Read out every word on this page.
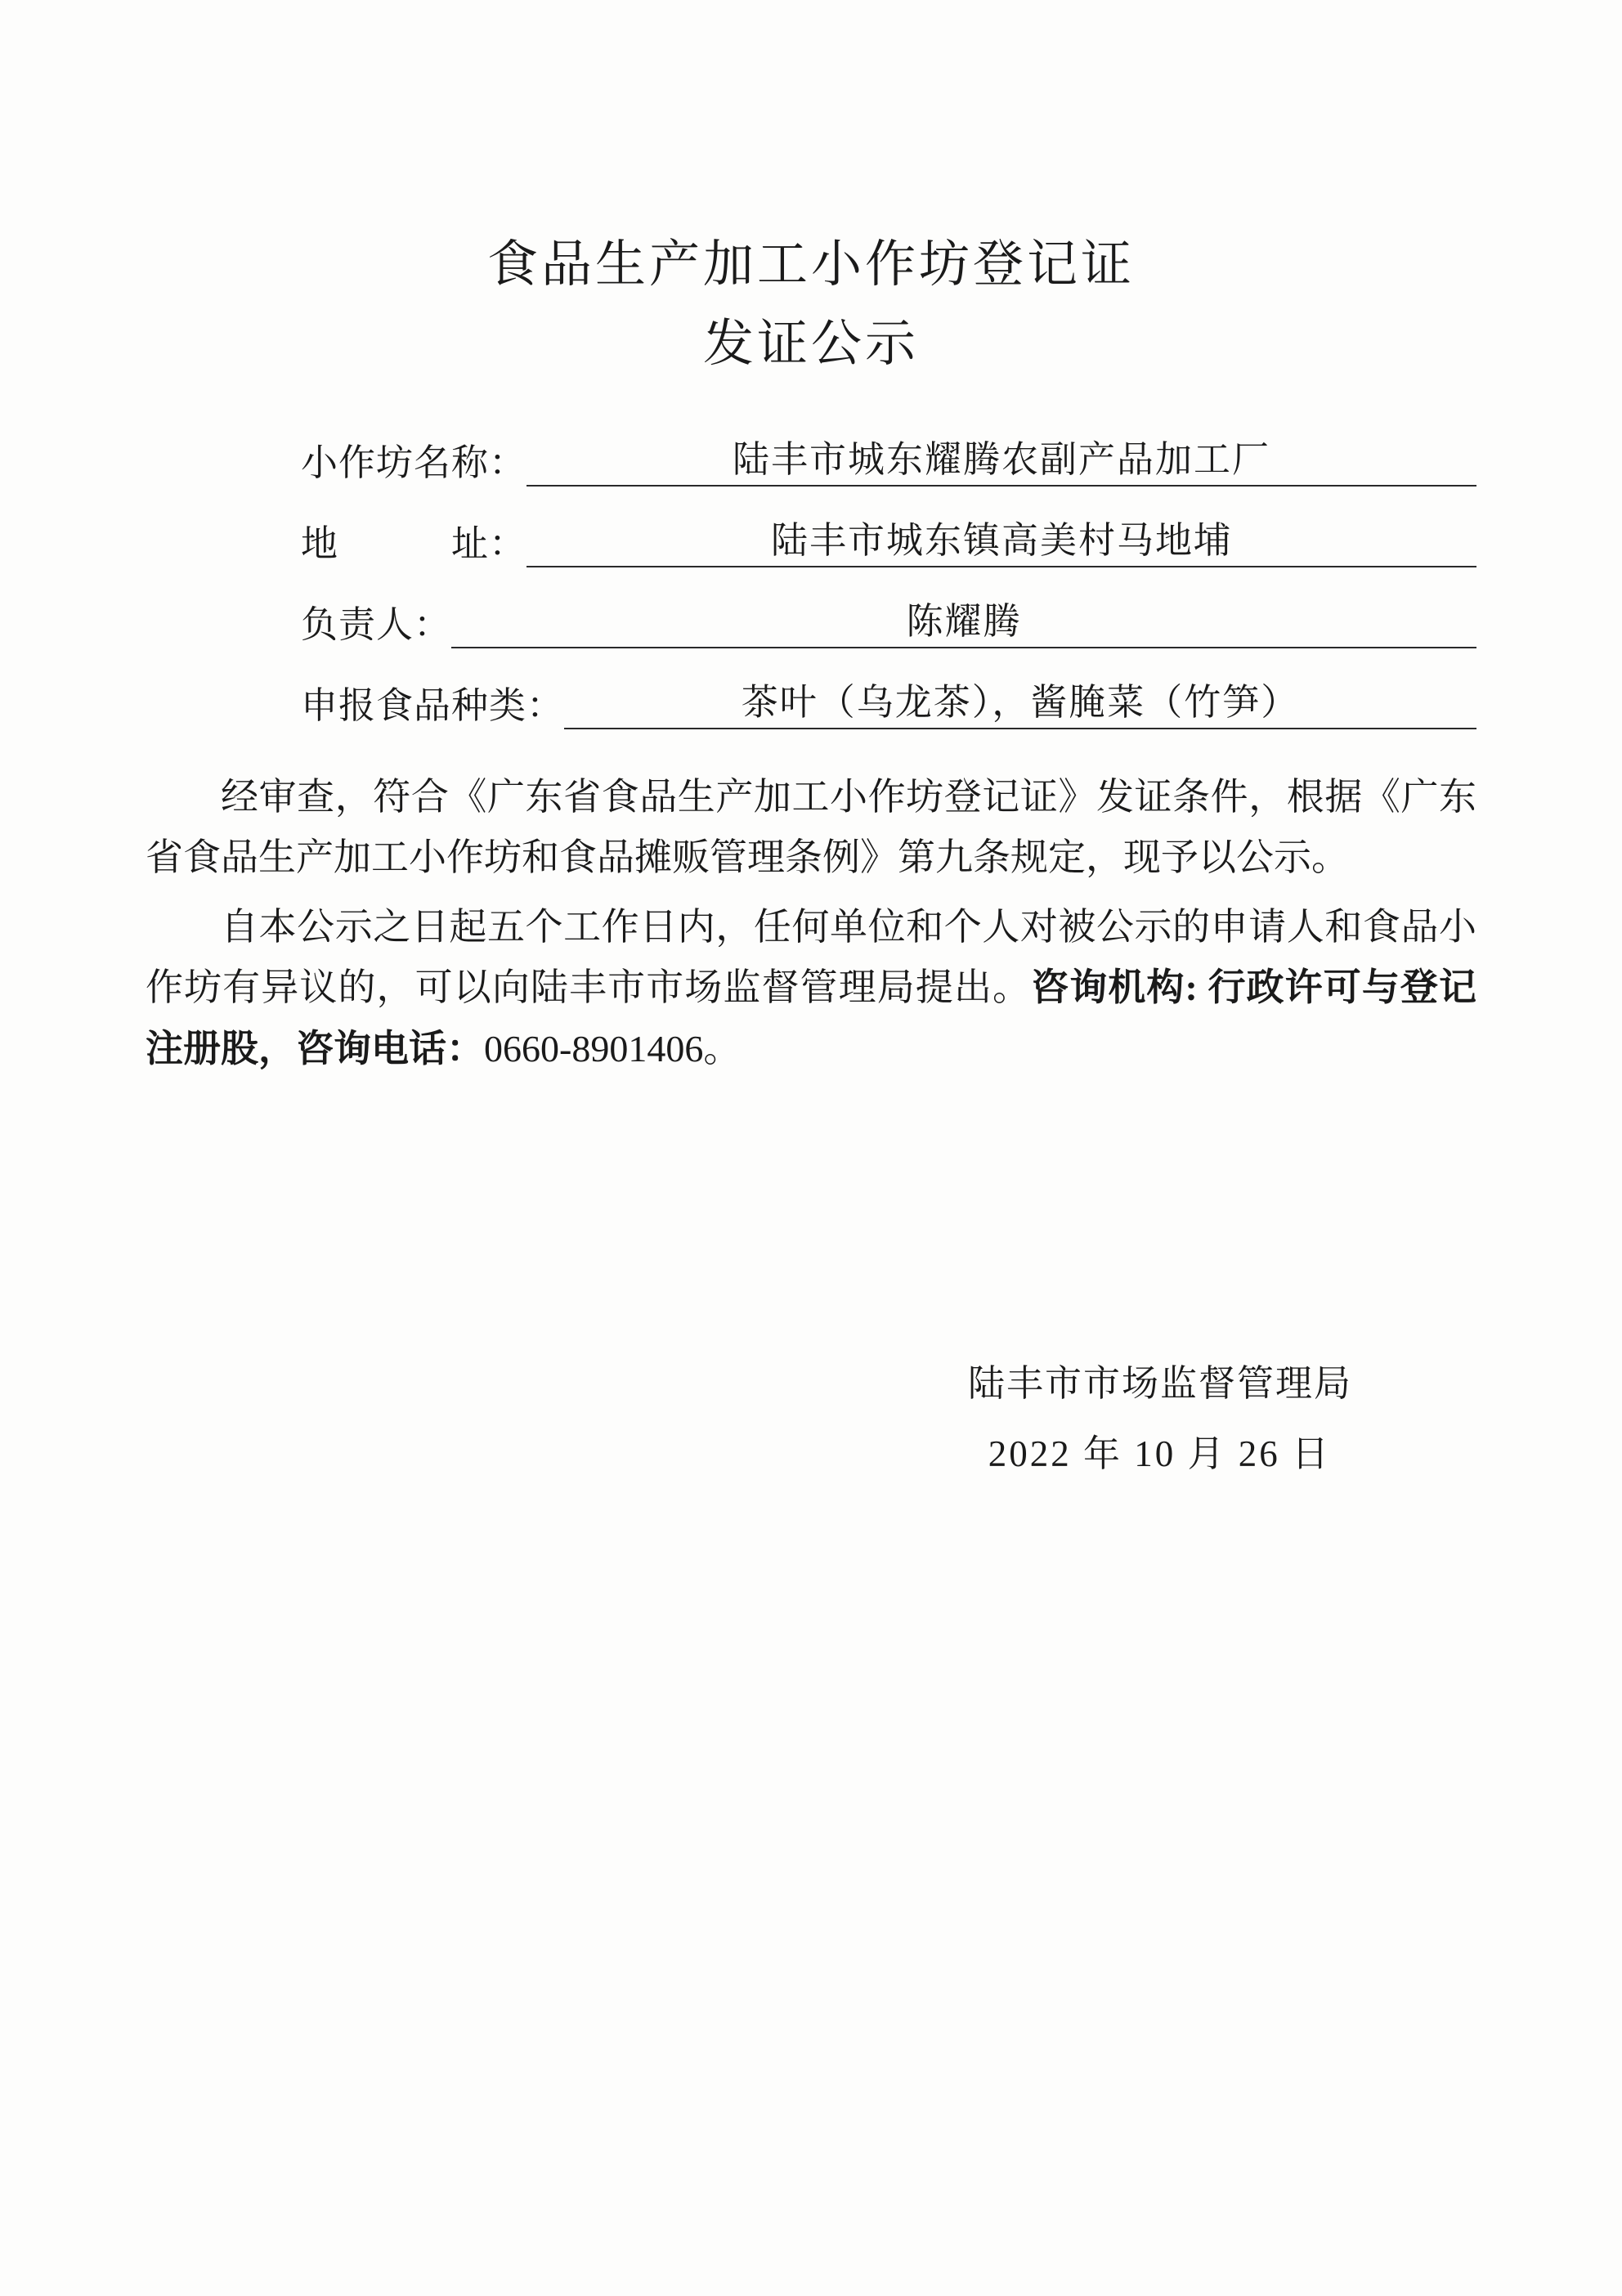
食品生产加工小作坊登记证
发证公示
小作坊名称：	陆丰市城东耀腾农副产品加工厂
地　　　址：	陆丰市城东镇高美村马地埔
负责人：	陈耀腾
申报食品种类：	茶叶（乌龙茶），酱腌菜（竹笋）

经审查，符合《广东省食品生产加工小作坊登记证》发证条件，根据《广东省食品生产加工小作坊和食品摊贩管理条例》第九条规定，现予以公示。

自本公示之日起五个工作日内，任何单位和个人对被公示的申请人和食品小作坊有异议的，可以向陆丰市市场监督管理局提出。咨询机构: 行政许可与登记注册股，咨询电话：0660-8901406。

陆丰市市场监督管理局
2022 年 10 月 26 日
